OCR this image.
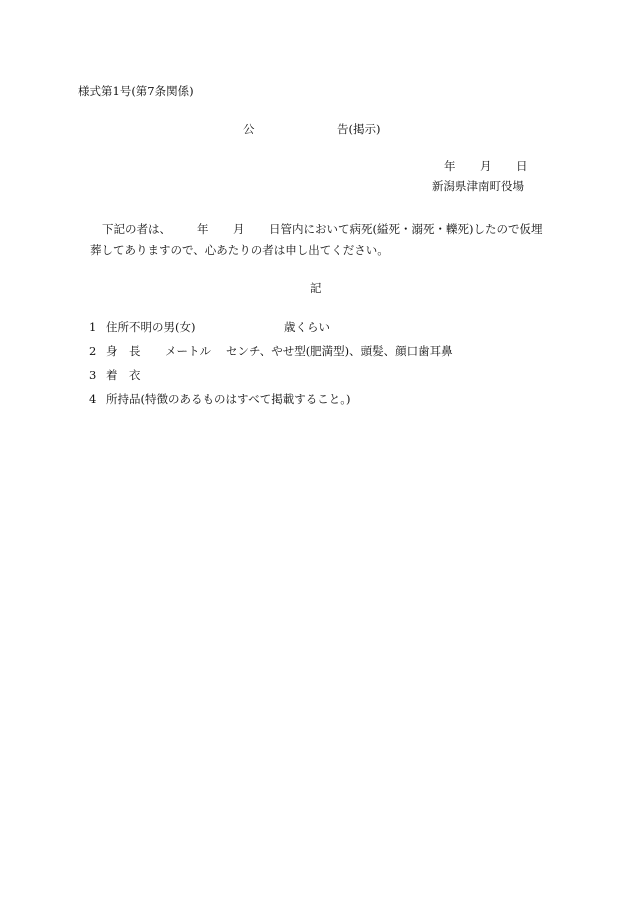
様式第1号(第7条関係)

公	告(掲示)

年 月 日

新潟県津南町役場

下記の者は、 年 月 日管内において病死(縊死・溺死・轢死)したので仮埋

葬してありますので、心あたりの者は申し出てください。

記

1 住所不明の男(女)	歳くらい

2 身　長 メートル センチ、やせ型(肥満型)、頭髪、顔口歯耳鼻

3 着　衣

4 所持品(特徴のあるものはすべて掲載すること。)
